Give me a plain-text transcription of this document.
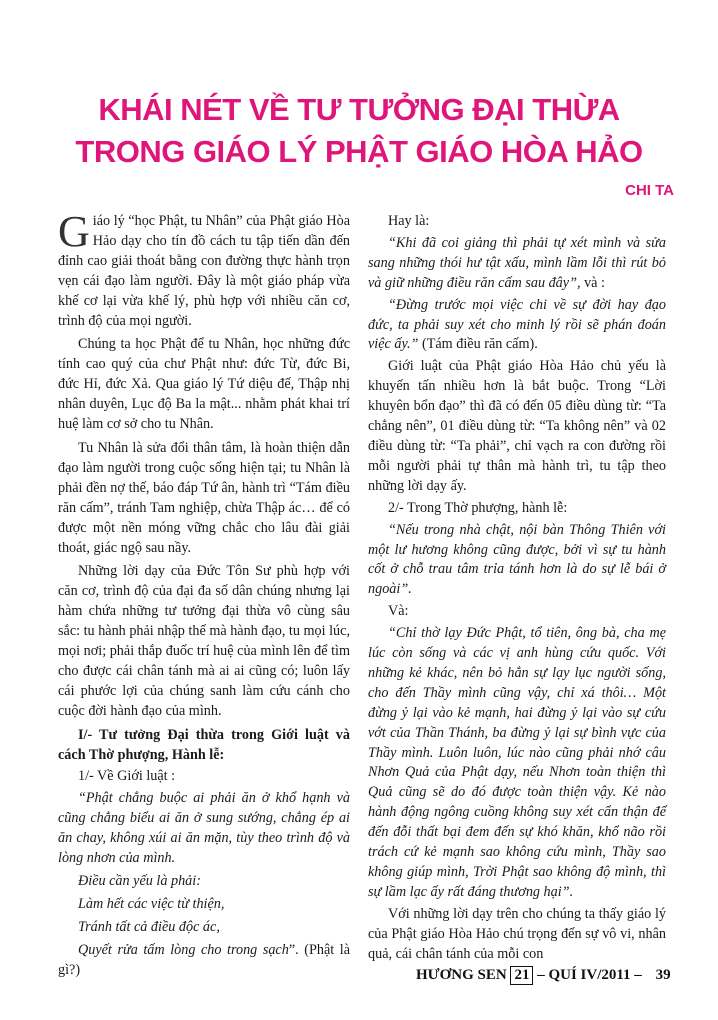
KHÁI NÉT VỀ TƯ TƯỞNG ĐẠI THỪA
TRONG GIÁO LÝ PHẬT GIÁO HÒA HẢO
CHI TA

Giáo lý “học Phật, tu Nhân” của Phật giáo Hòa Hảo dạy cho tín đồ cách tu tập tiến dần đến đỉnh cao giải thoát bằng con đường thực hành trọn vẹn cái đạo làm người. Đây là một giáo pháp vừa khế cơ lại vừa khế lý, phù hợp với nhiều căn cơ, trình độ của mọi người.

Chúng ta học Phật để tu Nhân, học những đức tính cao quý của chư Phật như: đức Từ, đức Bi, đức Hỉ, đức Xả. Qua giáo lý Tứ diệu đế, Thập nhị nhân duyên, Lục độ Ba la mật... nhằm phát khai trí huệ làm cơ sở cho tu Nhân.

Tu Nhân là sửa đổi thân tâm, là hoàn thiện dẫn đạo làm người trong cuộc sống hiện tại; tu Nhân là phải đền nợ thế, báo đáp Tứ ân, hành trì “Tám điều răn cấm”, tránh Tam nghiệp, chừa Thập ác… để có được một nền móng vững chắc cho lâu đài giải thoát, giác ngộ sau nầy.

Những lời dạy của Đức Tôn Sư phù hợp với căn cơ, trình độ của đại đa số dân chúng nhưng lại hàm chứa những tư tưởng đại thừa vô cùng sâu sắc: tu hành phải nhập thế mà hành đạo, tu mọi lúc, mọi nơi; phải thắp đuốc trí huệ của mình lên để tìm cho được cái chân tánh mà ai ai cũng có; luôn lấy cái phước lợi của chúng sanh làm cứu cánh cho cuộc đời hành đạo của mình.

I/- Tư tưởng Đại thừa trong Giới luật và cách Thờ phượng, Hành lễ:

1/- Về Giới luật :

“Phật chẳng buộc ai phải ăn ở khổ hạnh và cũng chẳng biểu ai ăn ở sung sướng, chẳng ép ai ăn chay, không xúi ai ăn mặn, tùy theo trình độ và lòng nhơn của mình.

Điều cần yếu là phải:

Làm hết các việc từ thiện,

Tránh tất cả điều độc ác,

Quyết rửa tấm lòng cho trong sạch”. (Phật là gì?)

Hay là:

“Khi đã coi giảng thì phải tự xét mình và sửa sang những thói hư tật xấu, mình lầm lỗi thì rút bỏ và giữ những điều răn cấm sau đây”, và :

“Đừng trước mọi việc chi về sự đời hay đạo đức, ta phải suy xét cho minh lý rồi sẽ phán đoán việc ấy.” (Tám điều răn cấm).

Giới luật của Phật giáo Hòa Hảo chủ yếu là khuyến tấn nhiều hơn là bắt buộc. Trong “Lời khuyên bổn đạo” thì đã có đến 05 điều dùng từ: “Ta chẳng nên”, 01 điều dùng từ: “Ta không nên” và 02 điều dùng từ: “Ta phải”, chỉ vạch ra con đường rồi mỗi người phải tự thân mà hành trì, tu tập theo những lời dạy ấy.

2/- Trong Thờ phượng, hành lễ:

“Nếu trong nhà chật, nội bàn Thông Thiên với một lư hương không cũng được, bởi vì sự tu hành cốt ở chỗ trau tâm trỉa tánh hơn là do sự lễ bái ở ngoài”.

Và:

“Chỉ thờ lạy Đức Phật, tổ tiên, ông bà, cha mẹ lúc còn sống và các vị anh hùng cứu quốc. Với những kẻ khác, nên bỏ hẳn sự lạy lục người sống, cho đến Thầy mình cũng vậy, chỉ xá thôi… Một đừng ỷ lại vào kẻ mạnh, hai đừng ỷ lại vào sự cứu vớt của Thần Thánh, ba đừng ỷ lại sự bình vực của Thầy mình. Luôn luôn, lúc nào cũng phải nhớ câu Nhơn Quả của Phật dạy, nếu Nhơn toàn thiện thì Quả cũng sẽ do đó được toàn thiện vậy. Kẻ nào hành động ngông cuồng không suy xét cẩn thận để đến đỗi thất bại đem đến sự khó khăn, khổ não rồi trách cứ kẻ mạnh sao không cứu mình, Thầy sao không giúp mình, Trời Phật sao không độ mình, thì sự lầm lạc ấy rất đáng thương hại”.

Với những lời dạy trên cho chúng ta thấy giáo lý của Phật giáo Hòa Hảo chú trọng đến sự vô vi, nhân quả, cái chân tánh của mỗi con

HƯƠNG SEN 21 – QUÍ IV/2011 – 39
